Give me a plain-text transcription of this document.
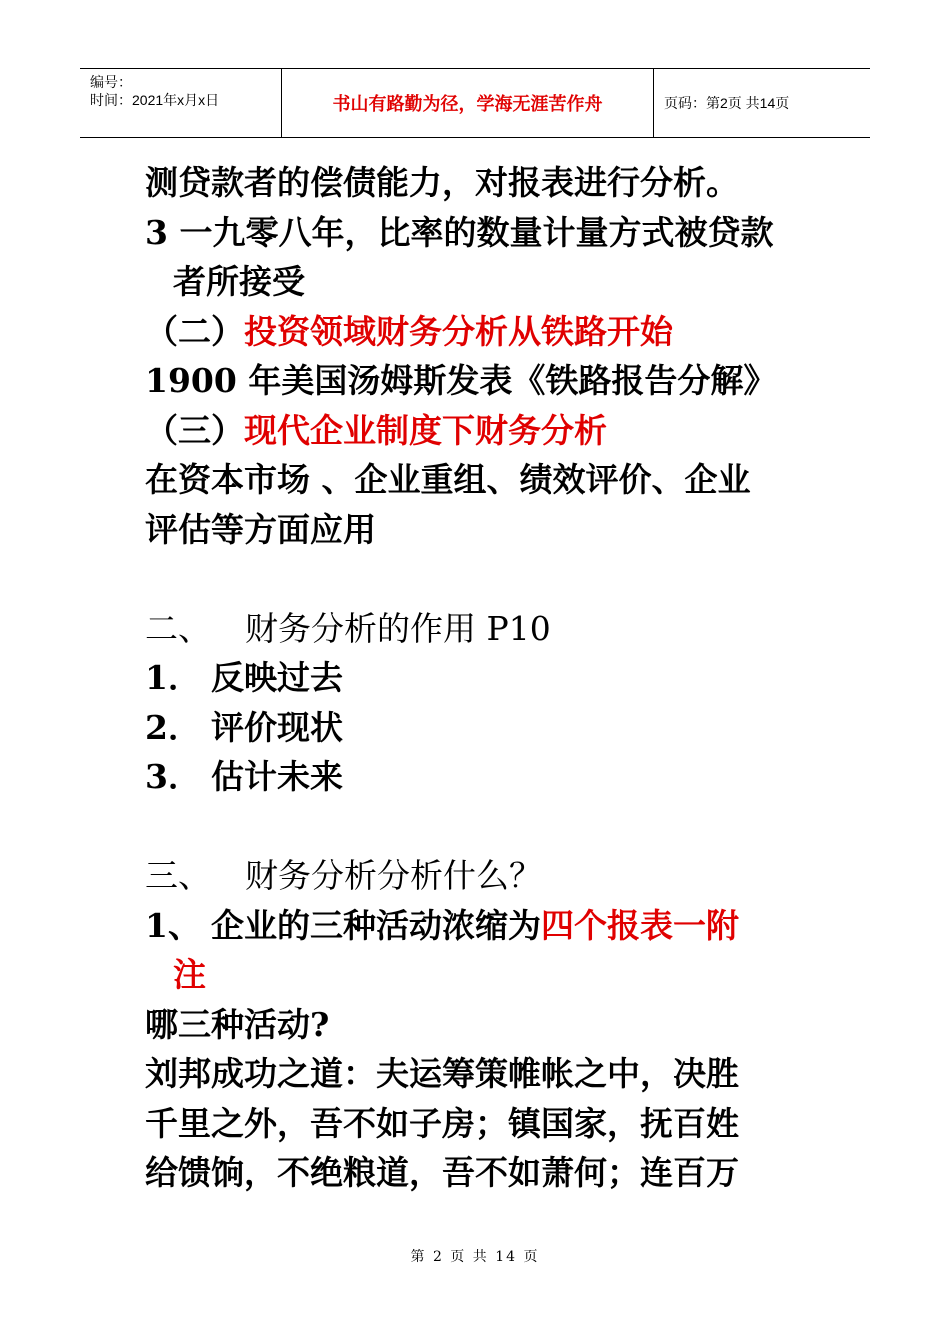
编号：
时间：2021年x月x日	书山有路勤为径，学海无涯苦作舟	页码：第2页 共14页

测贷款者的偿债能力，对报表进行分析。

3 一九零八年，比率的数量计量方式被贷款

者所接受

（二）投资领域财务分析从铁路开始

1900 年美国汤姆斯发表《铁路报告分解》

（三）现代企业制度下财务分析

在资本市场 、企业重组、绩效评价、企业

评估等方面应用

二、 财务分析的作用 P10

1． 反映过去

2． 评价现状

3． 估计未来

三、 财务分析分析什么？

1、 企业的三种活动浓缩为四个报表一附

注

哪三种活动?

刘邦成功之道：夫运筹策帷帐之中，决胜

千里之外，吾不如子房；镇国家，抚百姓

给馈饷，不绝粮道，吾不如萧何；连百万

第 2 页 共 14 页
